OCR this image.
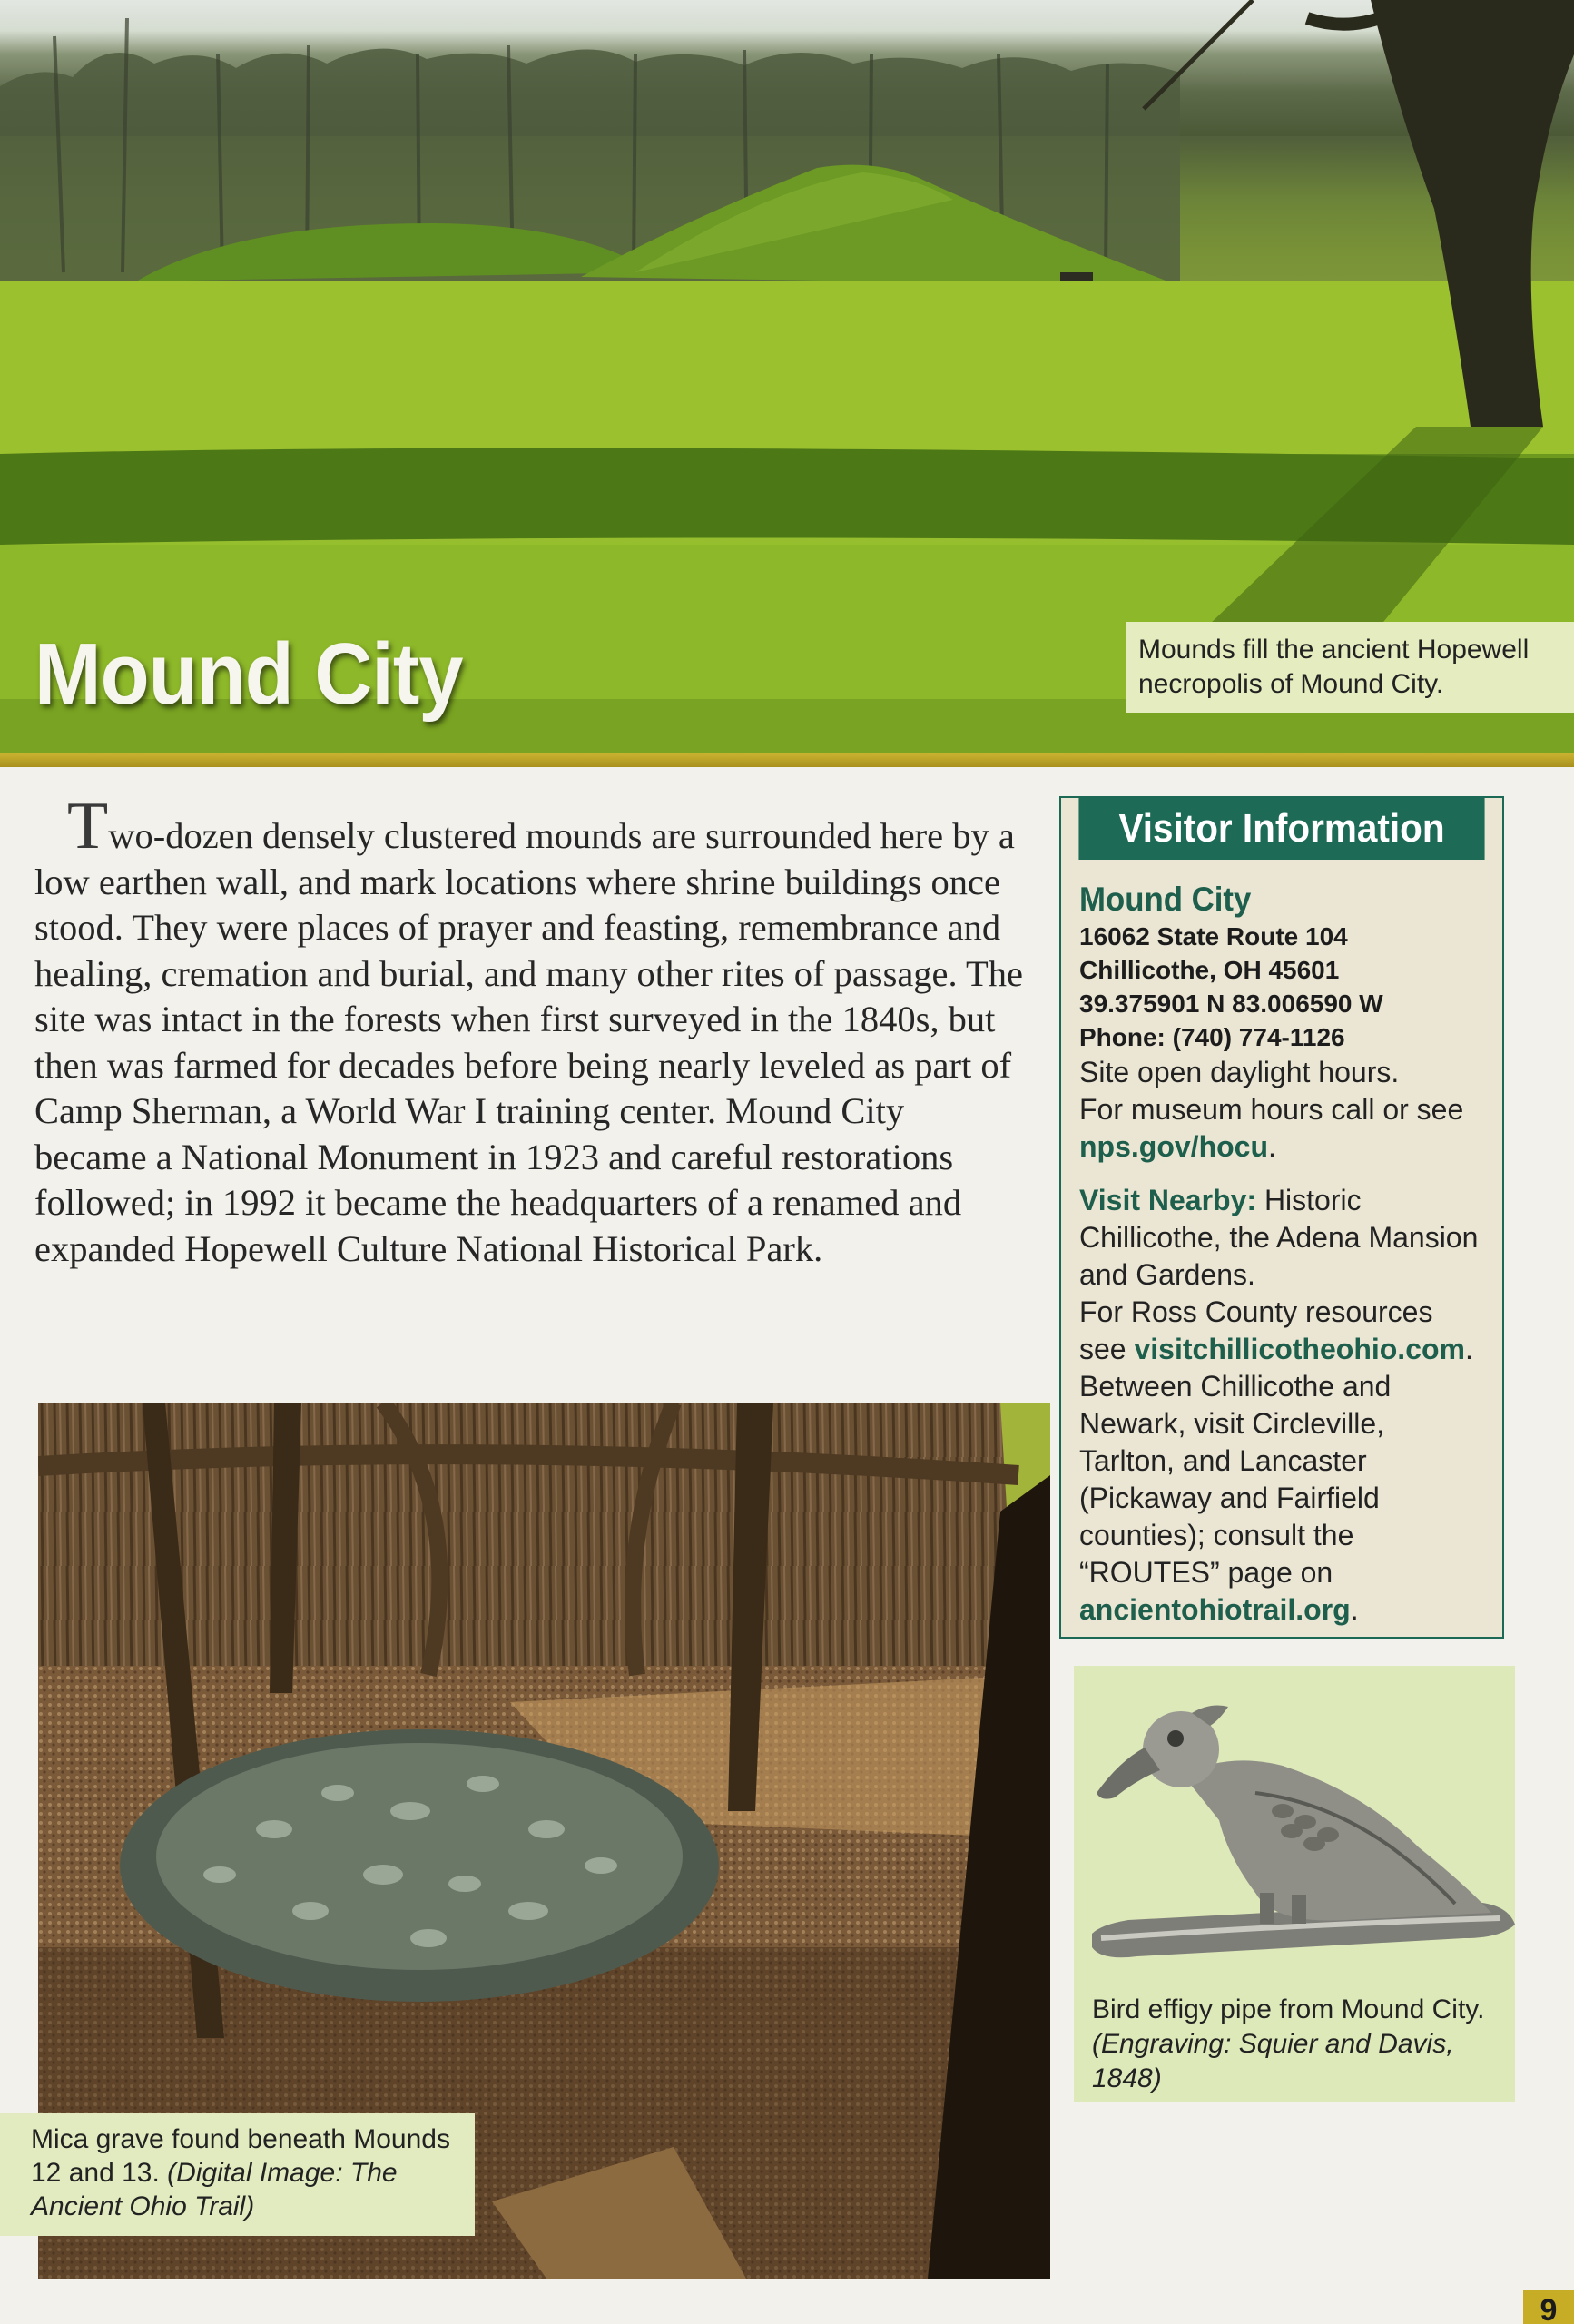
Mound City	Mounds fill the ancient Hopewell necropolis of Mound City.
Two-dozen densely clustered mounds are surrounded here by a low earthen wall, and mark locations where shrine buildings once stood. They were places of prayer and feasting, remembrance and healing, cremation and burial, and many other rites of passage. The site was intact in the forests when first surveyed in the 1840s, but then was farmed for decades before being nearly leveled as part of Camp Sherman, a World War I training center. Mound City became a National Monument in 1923 and careful restorations followed; in 1992 it became the headquarters of a renamed and expanded Hopewell Culture National Historical Park.
Mica grave found beneath Mounds 12 and 13. (Digital Image: The Ancient Ohio Trail)
Visitor Information
Mound City
16062 State Route 104
Chillicothe, OH 45601
39.375901 N 83.006590 W
Phone: (740) 774-1126
Site open daylight hours.
For museum hours call or see nps.gov/hocu.
Visit Nearby: Historic Chillicothe, the Adena Mansion and Gardens.
For Ross County resources see visitchillicotheohio.com.
Between Chillicothe and Newark, visit Circleville, Tarlton, and Lancaster (Pickaway and Fairfield counties); consult the “ROUTES” page on ancientohiotrail.org.
Bird effigy pipe from Mound City.
(Engraving: Squier and Davis, 1848)
9
